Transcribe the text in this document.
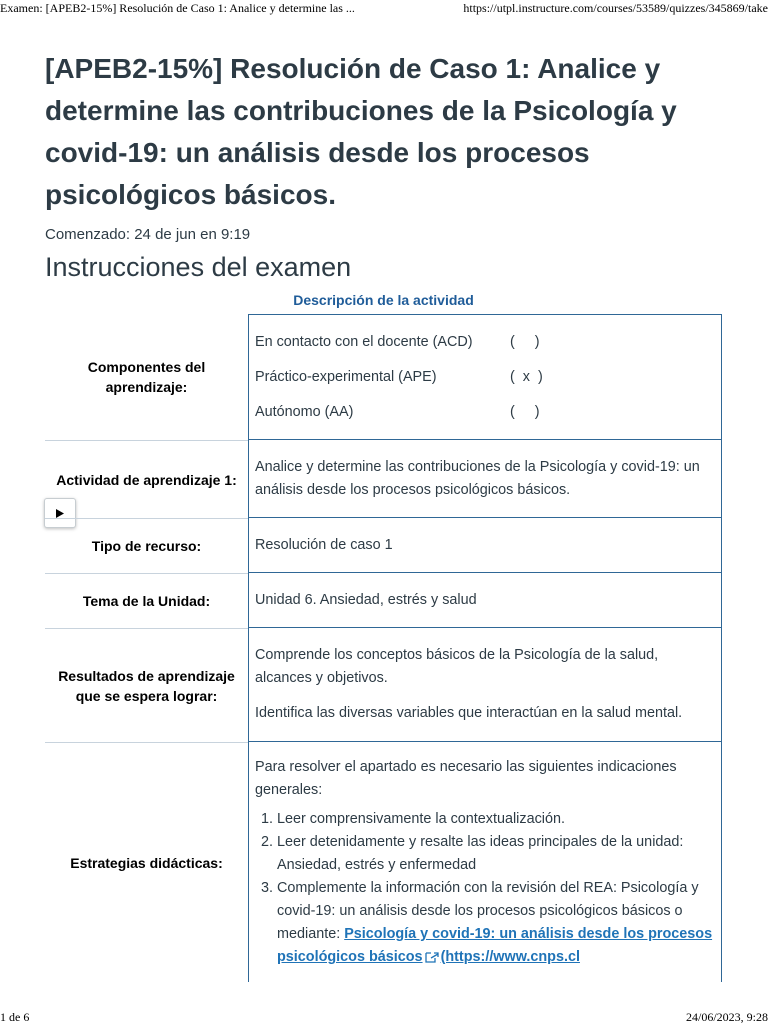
Examen: [APEB2-15%] Resolución de Caso 1: Analice y determine las ...	https://utpl.instructure.com/courses/53589/quizzes/345869/take
[APEB2-15%] Resolución de Caso 1: Analice y determine las contribuciones de la Psicología y covid-19: un análisis desde los procesos psicológicos básicos.
Comenzado: 24 de jun en 9:19
Instrucciones del examen
Descripción de la actividad
Componentes del aprendizaje:
En contacto con el docente (ACD)	(     )
Práctico-experimental (APE)	(  x  )
Autónomo (AA)	(     )
Actividad de aprendizaje 1:
Analice y determine las contribuciones de la Psicología y covid-19: un análisis desde los procesos psicológicos básicos.
Tipo de recurso:	Resolución de caso 1
Tema de la Unidad:	Unidad 6. Ansiedad, estrés y salud
Resultados de aprendizaje que se espera lograr:
Comprende los conceptos básicos de la Psicología de la salud, alcances y objetivos.
Identifica las diversas variables que interactúan en la salud mental.
Estrategias didácticas:
Para resolver el apartado es necesario las siguientes indicaciones generales:
1. Leer comprensivamente la contextualización.
2. Leer detenidamente y resalte las ideas principales de la unidad: Ansiedad, estrés y enfermedad
3. Complemente la información con la revisión del REA: Psicología y covid-19: un análisis desde los procesos psicológicos básicos o mediante: Psicología y covid-19: un análisis desde los procesos psicológicos básicos (https://www.cnps.cl
1 de 6	24/06/2023, 9:28
